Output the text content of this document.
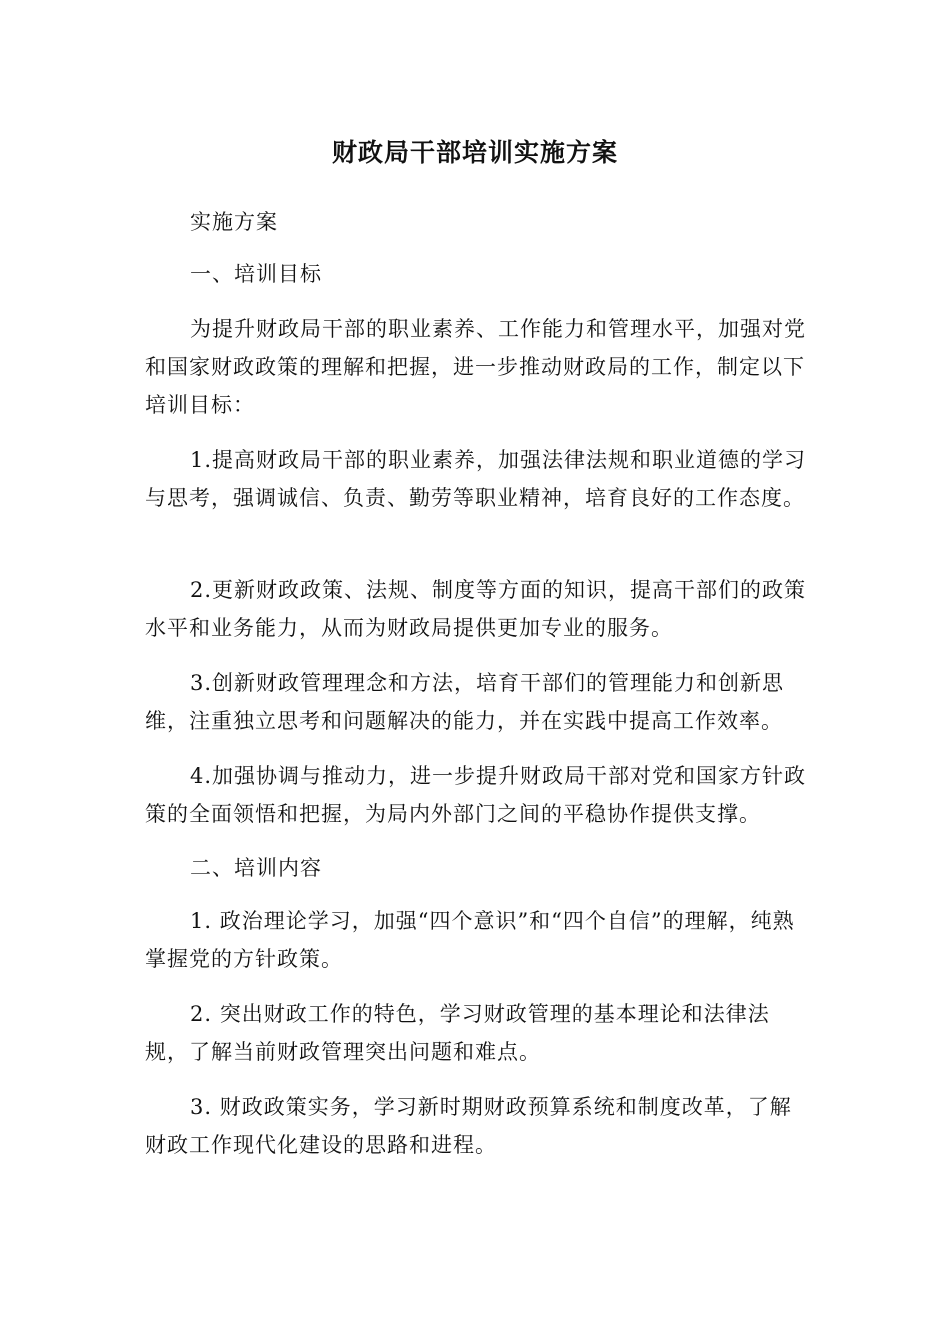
财政局干部培训实施方案

实施方案

一、培训目标

为提升财政局干部的职业素养、工作能力和管理水平，加强对党和国家财政政策的理解和把握，进一步推动财政局的工作，制定以下培训目标：

1.提高财政局干部的职业素养，加强法律法规和职业道德的学习与思考，强调诚信、负责、勤劳等职业精神，培育良好的工作态度。

2.更新财政政策、法规、制度等方面的知识，提高干部们的政策水平和业务能力，从而为财政局提供更加专业的服务。

3.创新财政管理理念和方法，培育干部们的管理能力和创新思维，注重独立思考和问题解决的能力，并在实践中提高工作效率。

4.加强协调与推动力，进一步提升财政局干部对党和国家方针政策的全面领悟和把握，为局内外部门之间的平稳协作提供支撑。

二、培训内容

1. 政治理论学习，加强“四个意识”和“四个自信”的理解，纯熟掌握党的方针政策。

2. 突出财政工作的特色，学习财政管理的基本理论和法律法规，了解当前财政管理突出问题和难点。

3. 财政政策实务，学习新时期财政预算系统和制度改革，了解财政工作现代化建设的思路和进程。
